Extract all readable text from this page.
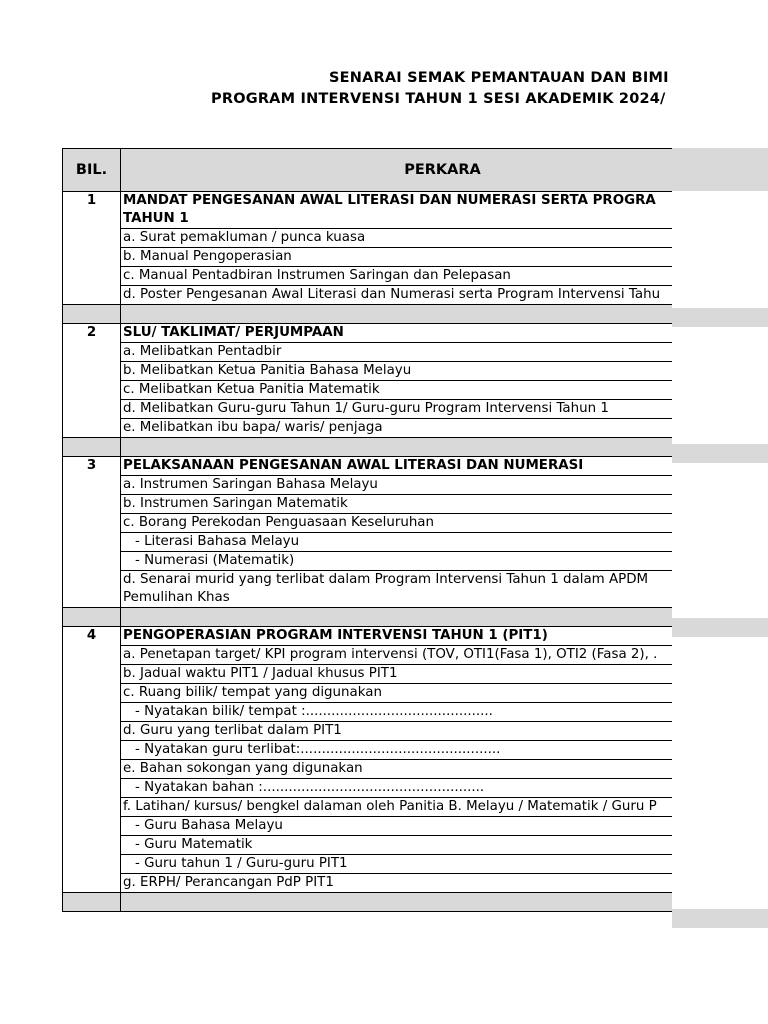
SENARAI SEMAK PEMANTAUAN DAN BIMI
PROGRAM INTERVENSI TAHUN 1 SESI AKADEMIK 2024/
BIL.	PERKARA
1	MANDAT PENGESANAN AWAL LITERASI DAN NUMERASI SERTA PROGRA TAHUN 1

	a. Surat pemakluman / punca kuasa
	b. Manual Pengoperasian
	c. Manual Pentadbiran Instrumen Saringan dan Pelepasan
	d. Poster Pengesanan Awal Literasi dan Numerasi serta Program Intervensi Tahu

2	SLU/ TAKLIMAT/ PERJUMPAAN
	a. Melibatkan Pentadbir
	b. Melibatkan Ketua Panitia Bahasa Melayu
	c. Melibatkan Ketua Panitia Matematik
	d. Melibatkan Guru-guru Tahun 1/ Guru-guru Program Intervensi Tahun 1
	e. Melibatkan ibu bapa/ waris/ penjaga

3	PELAKSANAAN PENGESANAN AWAL LITERASI DAN NUMERASI
	a. Instrumen Saringan Bahasa Melayu
	b. Instrumen Saringan Matematik
	c. Borang Perekodan Penguasaan Keseluruhan
	- Literasi Bahasa Melayu
	- Numerasi (Matematik)

	d. Senarai murid yang terlibat dalam Program Intervensi Tahun 1 dalam APDM Pemulihan Khas

4	PENGOPERASIAN PROGRAM INTERVENSI TAHUN 1 (PIT1)
	a. Penetapan target/ KPI program intervensi (TOV, OTI1(Fasa 1), OTI2 (Fasa 2), .
	b. Jadual waktu PIT1 / Jadual khusus PIT1
	c. Ruang bilik/ tempat yang digunakan
	- Nyatakan bilik/ tempat :............................................
	d. Guru yang terlibat dalam PIT1
	- Nyatakan guru terlibat:...............................................
	e. Bahan sokongan yang digunakan
	- Nyatakan bahan :....................................................
	f. Latihan/ kursus/ bengkel dalaman oleh Panitia B. Melayu / Matematik / Guru P
	- Guru Bahasa Melayu
	- Guru Matematik
	- Guru tahun 1 / Guru-guru PIT1
	g. ERPH/ Perancangan PdP PIT1
